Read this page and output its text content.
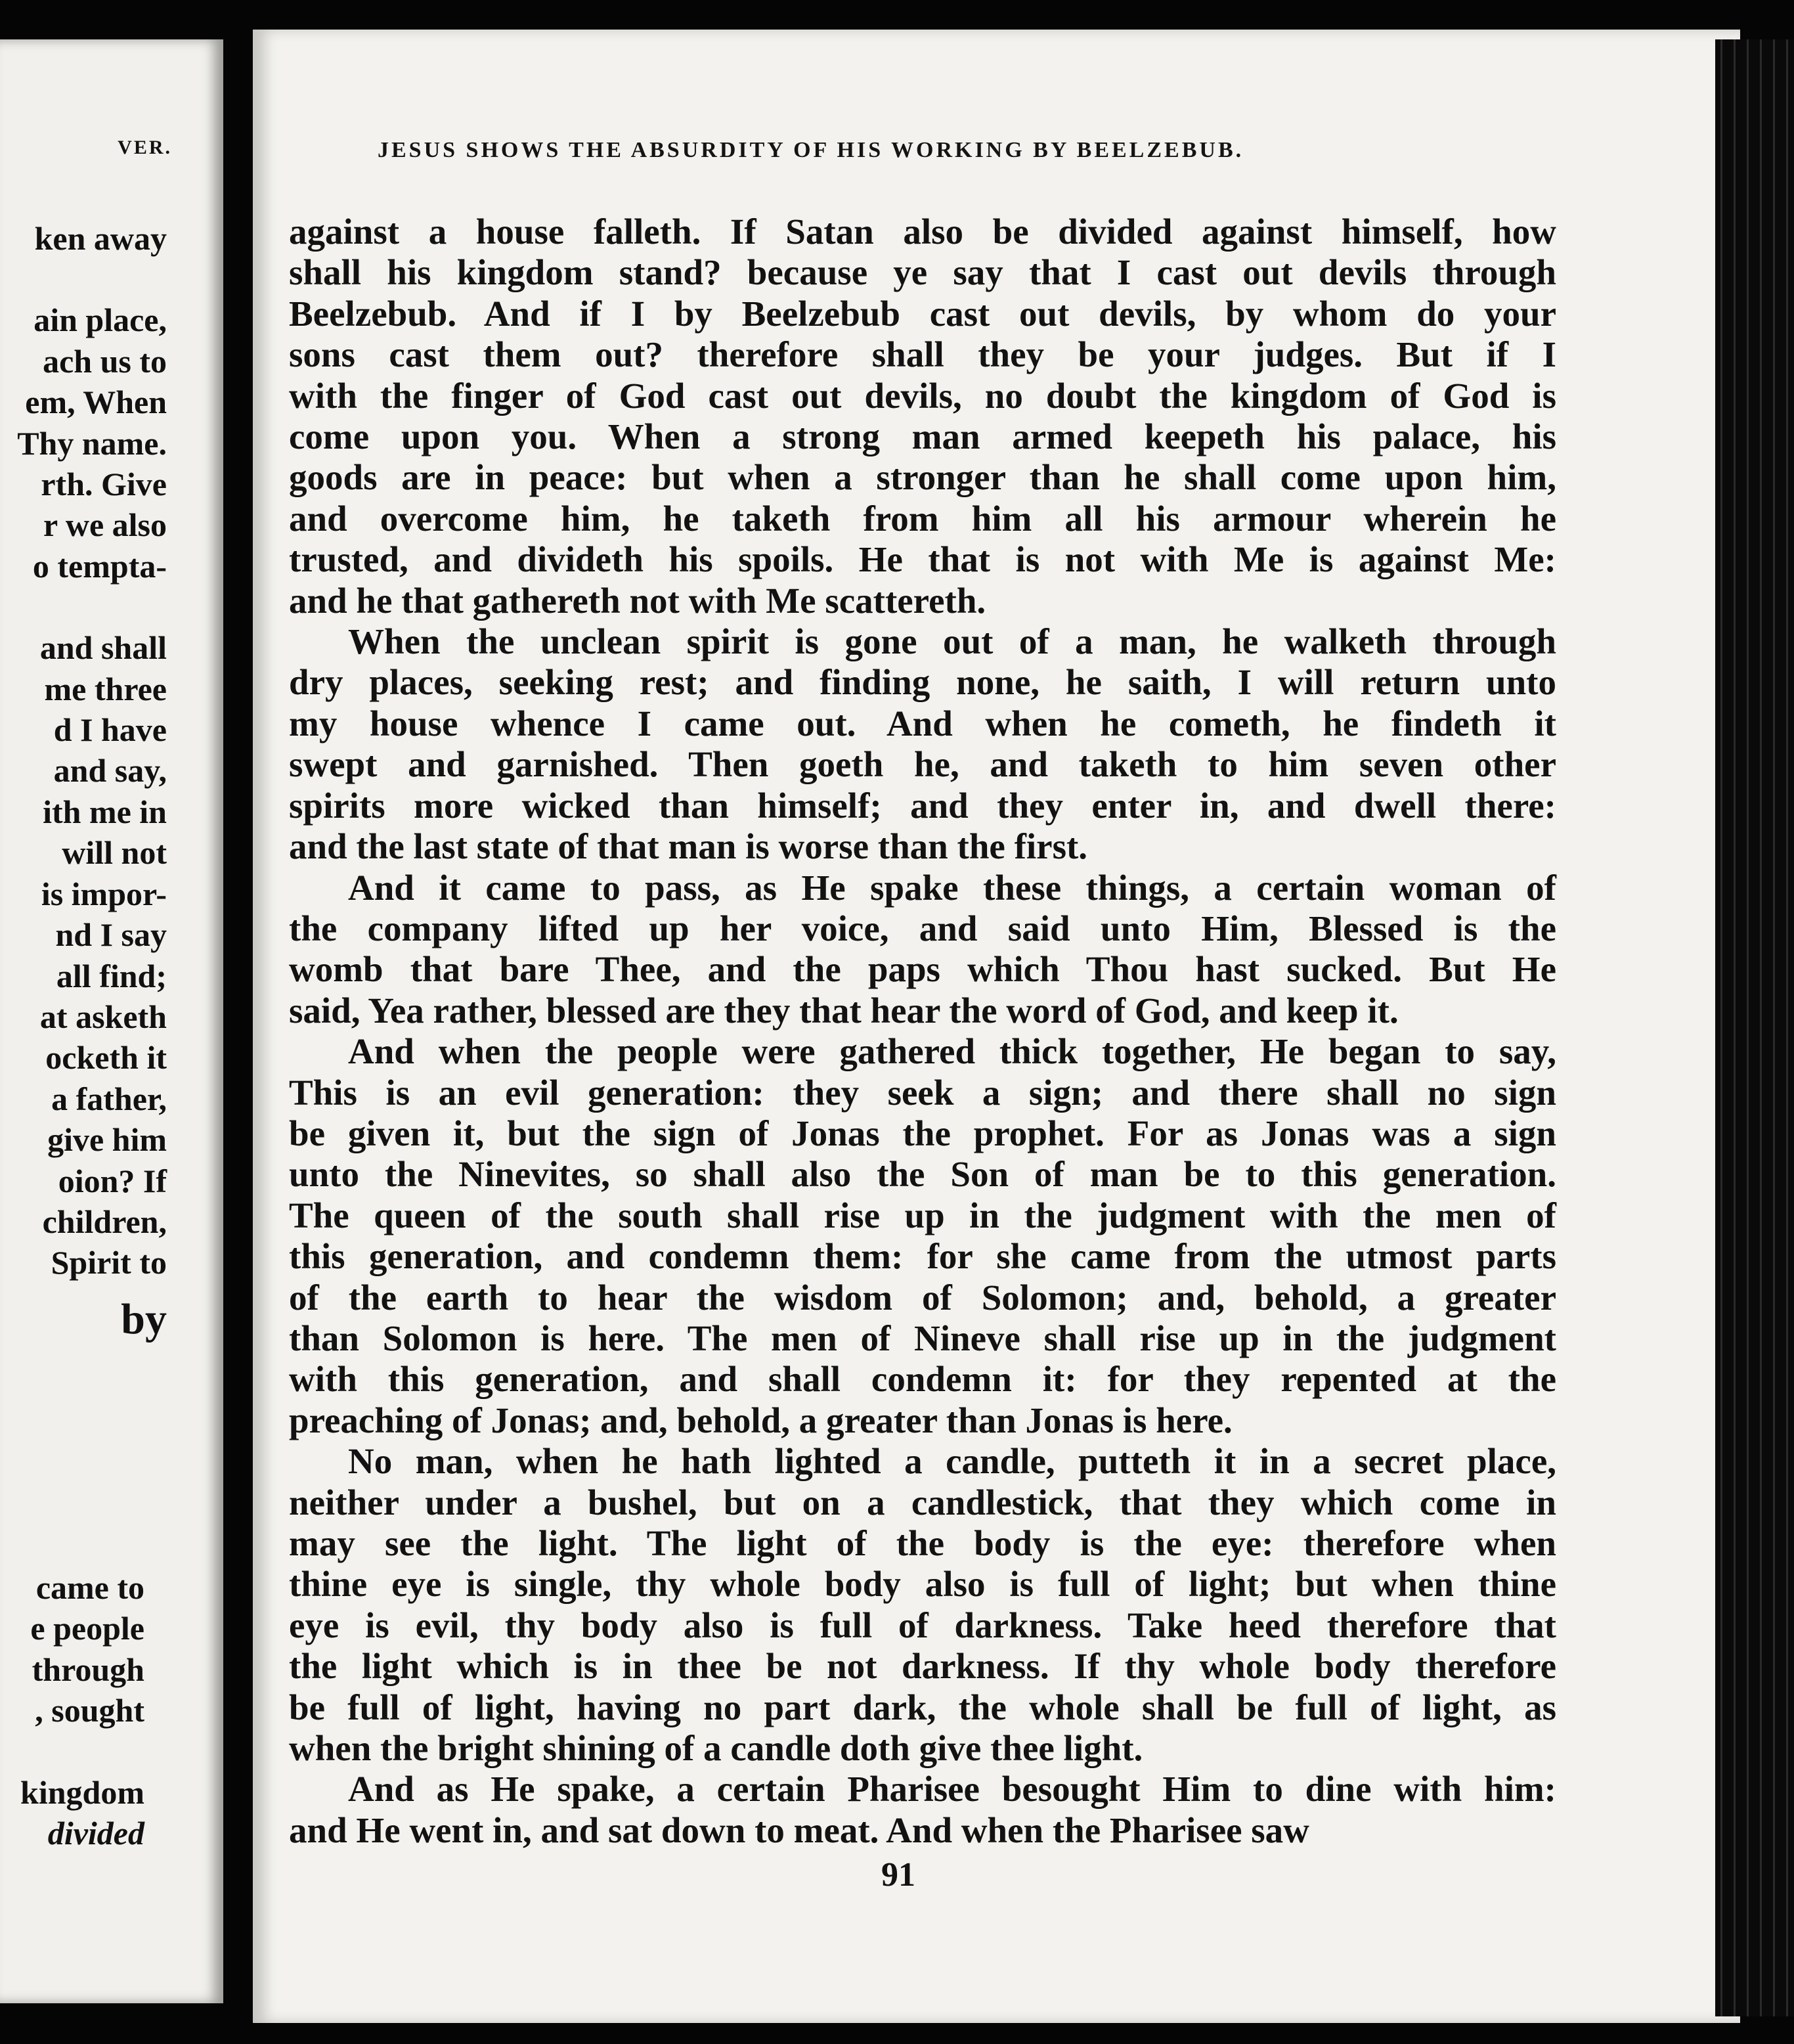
VER.
ken away
ain place,
ach us to
em, When
Thy name.
rth. Give
r we also
o tempta-
and shall
me three
d I have
and say,
ith me in
will not
is impor-
nd I say
all find;
at asketh
ocketh it
a father,
give him
oion? If
children,
Spirit to
by
came to
e people
through
, sought
kingdom
divided
JESUS SHOWS THE ABSURDITY OF HIS WORKING BY BEELZEBUB.

against a house falleth. If Satan also be divided against himself, how
shall his kingdom stand? because ye say that I cast out devils through
Beelzebub. And if I by Beelzebub cast out devils, by whom do your
sons cast them out? therefore shall they be your judges. But if I
with the finger of God cast out devils, no doubt the kingdom of God is
come upon you. When a strong man armed keepeth his palace, his
goods are in peace: but when a stronger than he shall come upon him,
and overcome him, he taketh from him all his armour wherein he
trusted, and divideth his spoils. He that is not with Me is against Me:
and he that gathereth not with Me scattereth.

When the unclean spirit is gone out of a man, he walketh through
dry places, seeking rest; and finding none, he saith, I will return unto
my house whence I came out. And when he cometh, he findeth it
swept and garnished. Then goeth he, and taketh to him seven other
spirits more wicked than himself; and they enter in, and dwell there:
and the last state of that man is worse than the first.

And it came to pass, as He spake these things, a certain woman of
the company lifted up her voice, and said unto Him, Blessed is the
womb that bare Thee, and the paps which Thou hast sucked. But He
said, Yea rather, blessed are they that hear the word of God, and keep it.

And when the people were gathered thick together, He began to say,
This is an evil generation: they seek a sign; and there shall no sign
be given it, but the sign of Jonas the prophet. For as Jonas was a sign
unto the Ninevites, so shall also the Son of man be to this generation.
The queen of the south shall rise up in the judgment with the men of
this generation, and condemn them: for she came from the utmost parts
of the earth to hear the wisdom of Solomon; and, behold, a greater
than Solomon is here. The men of Nineve shall rise up in the judgment
with this generation, and shall condemn it: for they repented at the
preaching of Jonas; and, behold, a greater than Jonas is here.

No man, when he hath lighted a candle, putteth it in a secret place,
neither under a bushel, but on a candlestick, that they which come in
may see the light. The light of the body is the eye: therefore when
thine eye is single, thy whole body also is full of light; but when thine
eye is evil, thy body also is full of darkness. Take heed therefore that
the light which is in thee be not darkness. If thy whole body therefore
be full of light, having no part dark, the whole shall be full of light, as
when the bright shining of a candle doth give thee light.

And as He spake, a certain Pharisee besought Him to dine with him:
and He went in, and sat down to meat. And when the Pharisee saw

91
